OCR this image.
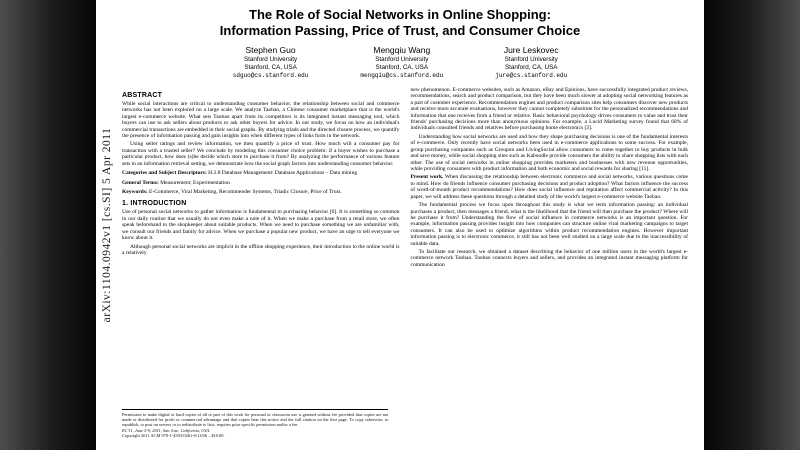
arXiv:1104.0942v1 [cs.SI] 5 Apr 2011
The Role of Social Networks in Online Shopping:
Information Passing, Price of Trust, and Consumer Choice
Stephen Guo
Stanford University
Stanford, CA, USA
sdguo@cs.stanford.edu
Mengqiu Wang
Stanford University
Stanford, CA, USA
mengqiu@cs.stanford.edu
Jure Leskovec
Stanford University
Stanford, CA, USA
jure@cs.stanford.edu
ABSTRACT

While social interactions are critical to understanding consumer behavior, the relationship between social and commerce networks has not been explored on a large scale. We analyze Taobao, a Chinese consumer marketplace that is the world's largest e-commerce website. What sets Taobao apart from its competitors is its integrated instant messaging tool, which buyers can use to ask sellers about products or ask other buyers for advice. In our study, we focus on how an individual's commercial transactions are embedded in their social graphs. By studying triads and the directed closure process, we quantify the presence of information passing and gain insights into when different types of links form in the network.

Using seller ratings and review information, we then quantify a price of trust. How much will a consumer pay for transaction with a trusted seller? We conclude by modeling this consumer choice problem: if a buyer wishes to purchase a particular product, how does (s)he decide which store to purchase it from? By analyzing the performance of various feature sets in an information retrieval setting, we demonstrate how the social graph factors into understanding consumer behavior.

Categories and Subject Descriptors: H.2.8 Database Management: Database Applications – Data mining

General Terms: Measurement; Experimentation

Keywords: E-Commerce, Viral Marketing, Recommender Systems, Triadic Closure, Price of Trust.

1. INTRODUCTION

Use of personal social networks to gather information is fundamental to purchasing behavior [6]. It is something so common in our daily routine that we usually do not even make a note of it. When we make a purchase from a retail store, we often speak beforehand to the shopkeeper about suitable products. When we need to purchase something we are unfamiliar with, we consult our friends and family for advice. When we purchase a popular new product, we have an urge to tell everyone we know about it.

Although personal social networks are implicit in the offline shopping experience, their introduction to the online world is a relatively

Permission to make digital or hard copies of all or part of this work for personal or classroom use is granted without fee provided that copies are not made or distributed for profit or commercial advantage and that copies bear this notice and the full citation on the first page. To copy otherwise, to republish, to post on servers or to redistribute to lists, requires prior specific permission and/or a fee.
EC'11, June 5-9, 2011, San Jose, California, USA.
Copyright 2011 ACM 978-1-4503-0261-6/11/06 ...$10.00.

new phenomenon. E-commerce websites, such as Amazon, eBay and Epinions, have successfully integrated product reviews, recommendations, search and product comparison, but they have been much slower at adopting social networking features as a part of customer experience. Recommendation engines and product comparison sites help consumers discover new products and receive more accurate evaluations, however they cannot completely substitute for the personalized recommendations and information that one receives from a friend or relative. Basic behavioral psychology drives consumers to value and trust their friends' purchasing decisions more than anonymous opinions. For example, a Lucid Marketing survey found that 68% of individuals consulted friends and relatives before purchasing home electronics [3].

Understanding how social networks are used and how they shape purchasing decisions is one of the fundamental interests of e-commerce. Only recently have social networks been used in e-commerce applications to some success. For example, group purchasing companies such as Groupon and LivingSocial allow consumers to come together to buy products in bulk and save money, while social shopping sites such as Kaboodle provide consumers the ability to share shopping lists with each other. The use of social networks in online shopping provides marketers and businesses with new revenue opportunities, while providing consumers with product information and both economic and social rewards for sharing [11].

Present work. When discussing the relationship between electronic commerce and social networks, various questions come to mind. How do friends influence consumer purchasing decisions and product adoption? What factors influence the success of word-of-mouth product recommendations? How does social influence and reputation affect commercial activity? In this paper, we will address these questions through a detailed study of the world's largest e-commerce website Taobao.

The fundamental process we focus upon throughout this study is what we term information passing: an individual purchases a product, then messages a friend, what is the likelihood that the friend will then purchase the product? Where will he purchase it from? Understanding the flow of social influence in commerce networks is an important question. For example, information passing provides insight into how companies can structure online viral marketing campaigns to target consumers. It can also be used to optimize algorithms within product recommendation engines. However important information passing is to electronic commerce, it still has not been well studied on a large scale due to the inaccessibility of suitable data.

To facilitate our research, we obtained a dataset describing the behavior of one million users in the world's largest e-commerce network Taobao. Taobao connects buyers and sellers, and provides an integrated instant messaging platform for communication
